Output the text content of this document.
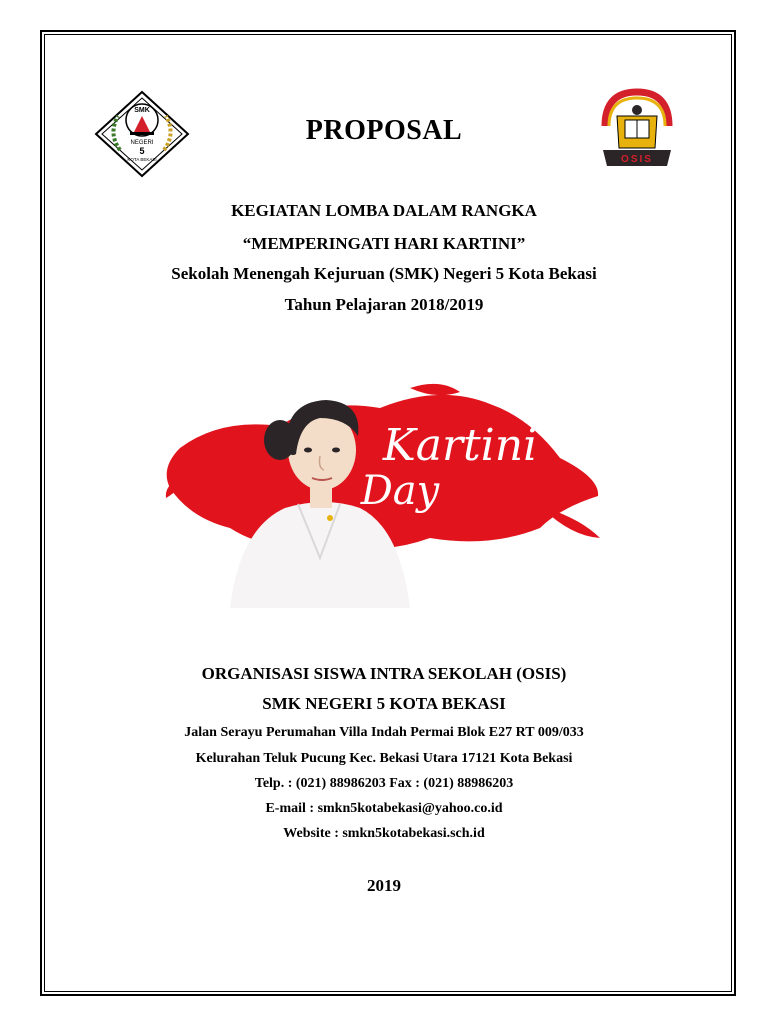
SMK
NEGERI
5
KOTA BEKASI	OSIS
PROPOSAL
KEGIATAN LOMBA DALAM RANGKA
“MEMPERINGATI HARI KARTINI”
Sekolah Menengah Kejuruan (SMK) Negeri 5 Kota Bekasi
Tahun Pelajaran 2018/2019
Kartini
Day
ORGANISASI SISWA INTRA SEKOLAH (OSIS)
SMK NEGERI 5 KOTA BEKASI
Jalan Serayu Perumahan Villa Indah Permai Blok E27 RT 009/033
Kelurahan Teluk Pucung Kec. Bekasi Utara 17121 Kota Bekasi
Telp. : (021) 88986203 Fax : (021) 88986203
E-mail : smkn5kotabekasi@yahoo.co.id
Website : smkn5kotabekasi.sch.id
2019
